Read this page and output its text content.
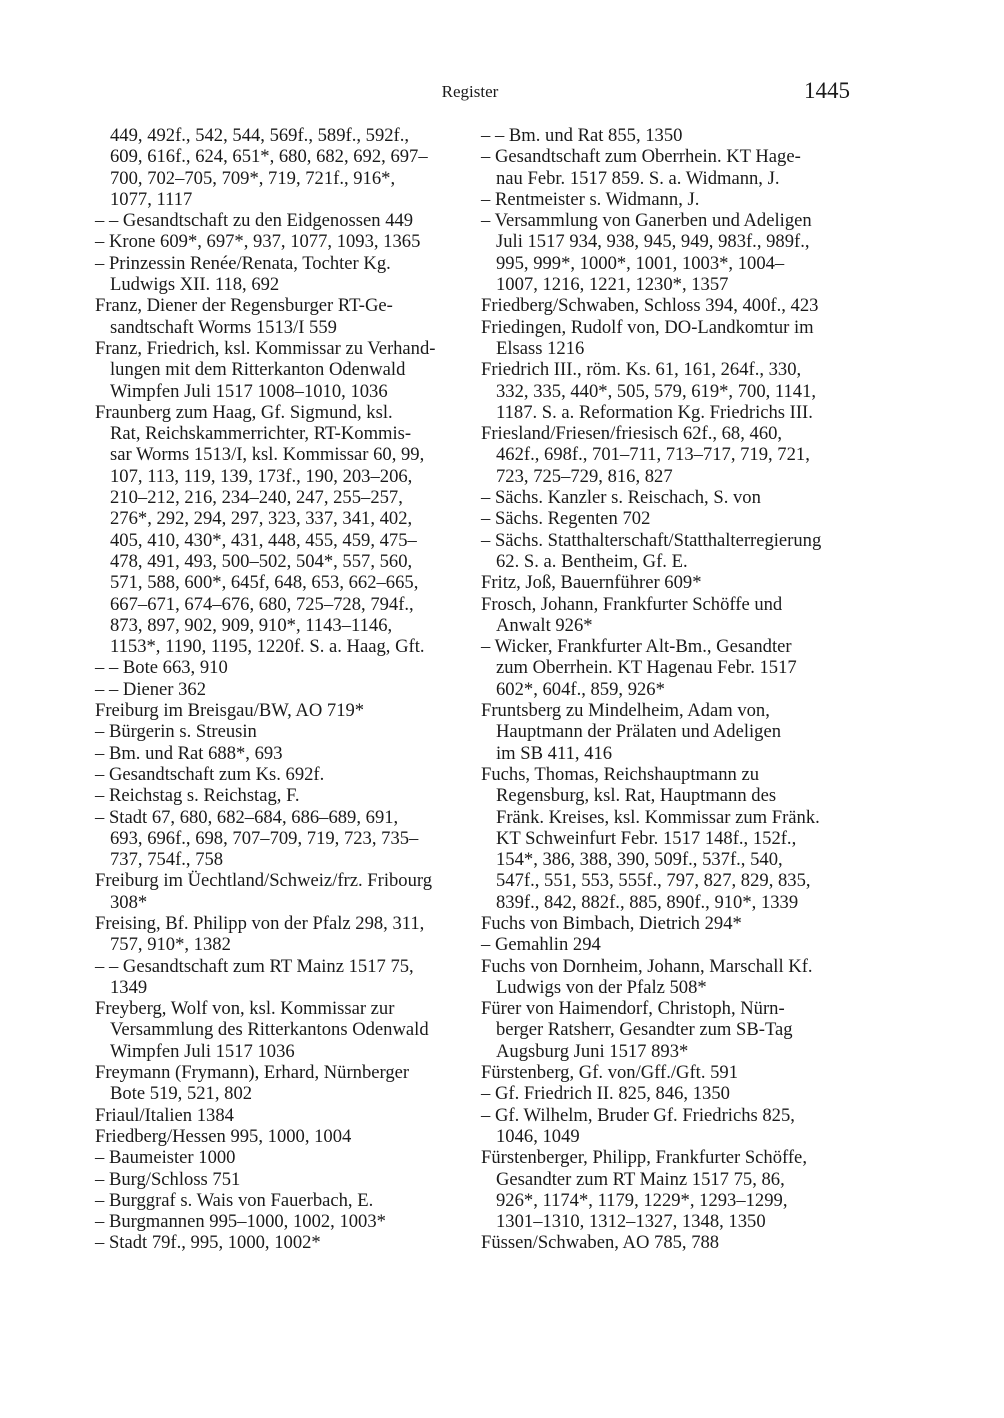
Register	1445
449, 492f., 542, 544, 569f., 589f., 592f.,
609, 616f., 624, 651*, 680, 682, 692, 697–
700, 702–705, 709*, 719, 721f., 916*,
1077, 1117
– – Gesandtschaft zu den Eidgenossen 449
– Krone 609*, 697*, 937, 1077, 1093, 1365
– Prinzessin Renée/Renata, Tochter Kg.
Ludwigs XII. 118, 692
Franz, Diener der Regensburger RT-Ge-
sandtschaft Worms 1513/I 559
Franz, Friedrich, ksl. Kommissar zu Verhand-
lungen mit dem Ritterkanton Odenwald
Wimpfen Juli 1517 1008–1010, 1036
Fraunberg zum Haag, Gf. Sigmund, ksl.
Rat, Reichskammerrichter, RT-Kommis-
sar Worms 1513/I, ksl. Kommissar 60, 99,
107, 113, 119, 139, 173f., 190, 203–206,
210–212, 216, 234–240, 247, 255–257,
276*, 292, 294, 297, 323, 337, 341, 402,
405, 410, 430*, 431, 448, 455, 459, 475–
478, 491, 493, 500–502, 504*, 557, 560,
571, 588, 600*, 645f, 648, 653, 662–665,
667–671, 674–676, 680, 725–728, 794f.,
873, 897, 902, 909, 910*, 1143–1146,
1153*, 1190, 1195, 1220f. S. a. Haag, Gft.
– – Bote 663, 910
– – Diener 362
Freiburg im Breisgau/BW, AO 719*
– Bürgerin s. Streusin
– Bm. und Rat 688*, 693
– Gesandtschaft zum Ks. 692f.
– Reichstag s. Reichstag, F.
– Stadt 67, 680, 682–684, 686–689, 691,
693, 696f., 698, 707–709, 719, 723, 735–
737, 754f., 758
Freiburg im Üechtland/Schweiz/frz. Fribourg
308*
Freising, Bf. Philipp von der Pfalz 298, 311,
757, 910*, 1382
– – Gesandtschaft zum RT Mainz 1517 75,
1349
Freyberg, Wolf von, ksl. Kommissar zur
Versammlung des Ritterkantons Odenwald
Wimpfen Juli 1517 1036
Freymann (Frymann), Erhard, Nürnberger
Bote 519, 521, 802
Friaul/Italien 1384
Friedberg/Hessen 995, 1000, 1004
– Baumeister 1000
– Burg/Schloss 751
– Burggraf s. Wais von Fauerbach, E.
– Burgmannen 995–1000, 1002, 1003*
– Stadt 79f., 995, 1000, 1002*
– – Bm. und Rat 855, 1350
– Gesandtschaft zum Oberrhein. KT Hage-
nau Febr. 1517 859. S. a. Widmann, J.
– Rentmeister s. Widmann, J.
– Versammlung von Ganerben und Adeligen
Juli 1517 934, 938, 945, 949, 983f., 989f.,
995, 999*, 1000*, 1001, 1003*, 1004–
1007, 1216, 1221, 1230*, 1357
Friedberg/Schwaben, Schloss 394, 400f., 423
Friedingen, Rudolf von, DO-Landkomtur im
Elsass 1216
Friedrich III., röm. Ks. 61, 161, 264f., 330,
332, 335, 440*, 505, 579, 619*, 700, 1141,
1187. S. a. Reformation Kg. Friedrichs III.
Friesland/Friesen/friesisch 62f., 68, 460,
462f., 698f., 701–711, 713–717, 719, 721,
723, 725–729, 816, 827
– Sächs. Kanzler s. Reischach, S. von
– Sächs. Regenten 702
– Sächs. Statthalterschaft/Statthalterregierung
62. S. a. Bentheim, Gf. E.
Fritz, Joß, Bauernführer 609*
Frosch, Johann, Frankfurter Schöffe und
Anwalt 926*
– Wicker, Frankfurter Alt-Bm., Gesandter
zum Oberrhein. KT Hagenau Febr. 1517
602*, 604f., 859, 926*
Fruntsberg zu Mindelheim, Adam von,
Hauptmann der Prälaten und Adeligen
im SB 411, 416
Fuchs, Thomas, Reichshauptmann zu
Regensburg, ksl. Rat, Hauptmann des
Fränk. Kreises, ksl. Kommissar zum Fränk.
KT Schweinfurt Febr. 1517 148f., 152f.,
154*, 386, 388, 390, 509f., 537f., 540,
547f., 551, 553, 555f., 797, 827, 829, 835,
839f., 842, 882f., 885, 890f., 910*, 1339
Fuchs von Bimbach, Dietrich 294*
– Gemahlin 294
Fuchs von Dornheim, Johann, Marschall Kf.
Ludwigs von der Pfalz 508*
Fürer von Haimendorf, Christoph, Nürn-
berger Ratsherr, Gesandter zum SB-Tag
Augsburg Juni 1517 893*
Fürstenberg, Gf. von/Gff./Gft. 591
– Gf. Friedrich II. 825, 846, 1350
– Gf. Wilhelm, Bruder Gf. Friedrichs 825,
1046, 1049
Fürstenberger, Philipp, Frankfurter Schöffe,
Gesandter zum RT Mainz 1517 75, 86,
926*, 1174*, 1179, 1229*, 1293–1299,
1301–1310, 1312–1327, 1348, 1350
Füssen/Schwaben, AO 785, 788
